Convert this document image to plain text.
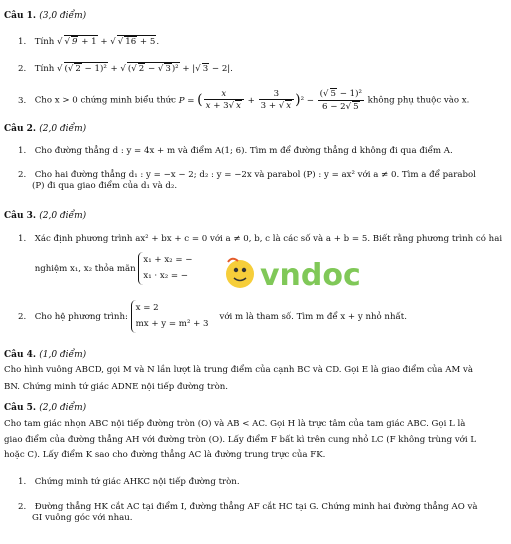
Câu 1. (3,0 điểm)
1. Tính √ √ 9 + 1 + √ √ 16 + 5.
2. Tính √ (√ 2 − 1)² + √ (√ 2 − √ 3)² + |√ 3 − 2|.
3. Cho x > 0 chứng minh biểu thức P = ( $\frac{x}{x + 3√ x} + \frac{3}{3 + √ x} )^2 - \frac{\text{(√ 5 − 1)²}}{6 - 2√ 5}$ không phụ thuộc vào x.
Câu 2. (2,0 điểm)
1. Cho đường thẳng d : y = 4x + m và điểm A(1; 6). Tìm m để đường thẳng d không đi qua điểm A.
2. Cho hai đường thẳng d₁ : y = −x − 2; d₂ : y = −2x và parabol (P) : y = ax² với a ≠ 0. Tìm a để parabol
(P) đi qua giao điểm của d₁ và d₂.
Câu 3. (2,0 điểm)
1. Xác định phương trình ax² + bx + c = 0 với a ≠ 0, b, c là các số và a + b = 5. Biết rằng phương trình có hai
nghiệm x₁, x₂ thỏa mãn
x₁ + x₂ = −
x₁ · x₂ = −
2. Cho hệ phương trình:
x = 2
mx + y = m² + 3
với m là tham số. Tìm m để x + y nhỏ nhất.
vndoc
Câu 4. (1,0 điểm)
Cho hình vuông ABCD, gọi M và N lần lượt là trung điểm của cạnh BC và CD. Gọi E là giao điểm của AM và
BN. Chứng minh tứ giác ADNE nội tiếp đường tròn.
Câu 5. (2,0 điểm)
Cho tam giác nhọn ABC nội tiếp đường tròn (O) và AB < AC. Gọi H là trực tâm của tam giác ABC. Gọi L là
giao điểm của đường thẳng AH với đường tròn (O). Lấy điểm F bất kì trên cung nhỏ LC (F không trùng với L
hoặc C). Lấy điểm K sao cho đường thẳng AC là đường trung trực của FK.
1. Chứng minh tứ giác AHKC nội tiếp đường tròn.
2. Đường thẳng HK cắt AC tại điểm I, đường thẳng AF cắt HC tại G. Chứng minh hai đường thẳng AO và
GI vuông góc với nhau.
